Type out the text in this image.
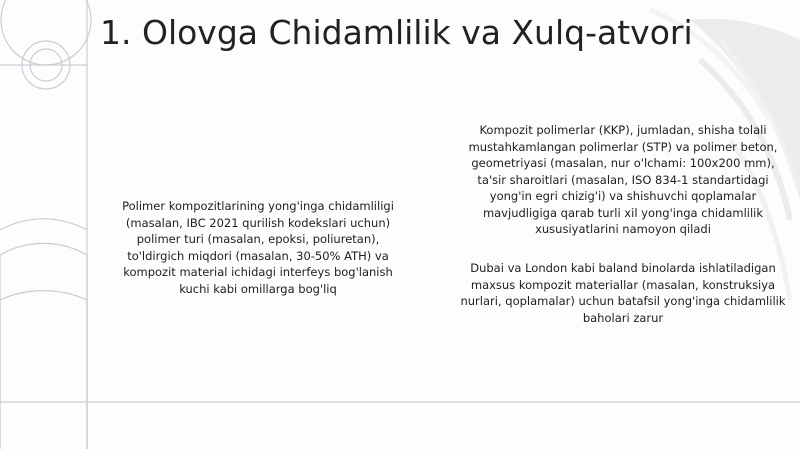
1. Olovga Chidamlilik va Xulq-atvori

Polimer kompozitlarining yong'inga chidamliligi (masalan, IBC 2021 qurilish kodekslari uchun) polimer turi (masalan, epoksi, poliuretan), to'ldirgich miqdori (masalan, 30-50% ATH) va kompozit material ichidagi interfeys bog'lanish kuchi kabi omillarga bog'liq

Kompozit polimerlar (KKP), jumladan, shisha tolali mustahkamlangan polimerlar (STP) va polimer beton, geometriyasi (masalan, nur o'lchami: 100x200 mm), ta'sir sharoitlari (masalan, ISO 834-1 standartidagi yong'in egri chizig'i) va shishuvchi qoplamalar mavjudligiga qarab turli xil yong'inga chidamlilik xususiyatlarini namoyon qiladi

Dubai va London kabi baland binolarda ishlatiladigan maxsus kompozit materiallar (masalan, konstruksiya nurlari, qoplamalar) uchun batafsil yong'inga chidamlilik baholari zarur
